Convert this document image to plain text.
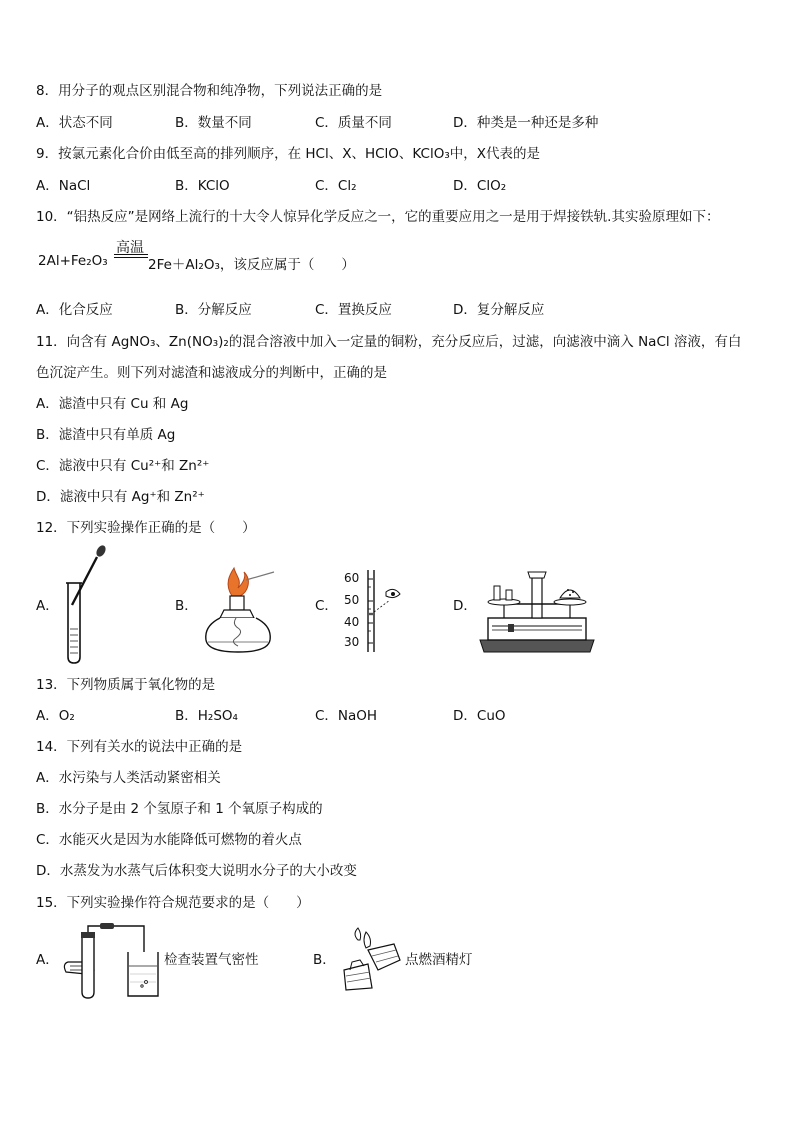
8．用分子的观点区别混合物和纯净物，下列说法正确的是
A．状态不同	B．数量不同	C．质量不同	D．种类是一种还是多种
9．按氯元素化合价由低至高的排列顺序，在 HCl、X、HClO、KClO₃中，X代表的是
A．NaCl	B．KClO	C．Cl₂	D．ClO₂
10．“铝热反应”是网络上流行的十大令人惊异化学反应之一，它的重要应用之一是用于焊接铁轨.其实验原理如下：
2Al+Fe₂O₃
高温
2Fe＋Al₂O₃，该反应属于（　　）
A．化合反应	B．分解反应	C．置换反应	D．复分解反应
11．向含有 AgNO₃、Zn(NO₃)₂的混合溶液中加入一定量的铜粉，充分反应后，过滤，向滤液中滴入 NaCl 溶液，有白
色沉淀产生。则下列对滤渣和滤液成分的判断中，正确的是
A．滤渣中只有 Cu 和 Ag
B．滤渣中只有单质 Ag
C．滤液中只有 Cu²⁺和 Zn²⁺
D．滤液中只有 Ag⁺和 Zn²⁺
12．下列实验操作正确的是（　　）
A．	B．	C．	D．
60
50
40
30
13．下列物质属于氧化物的是
A．O₂	B．H₂SO₄	C．NaOH	D．CuO
14．下列有关水的说法中正确的是
A．水污染与人类活动紧密相关
B．水分子是由 2 个氢原子和 1 个氧原子构成的
C．水能灭火是因为水能降低可燃物的着火点
D．水蒸发为水蒸气后体积变大说明水分子的大小改变
15．下列实验操作符合规范要求的是（　　）
A．	B．
检查装置气密性	点燃酒精灯
